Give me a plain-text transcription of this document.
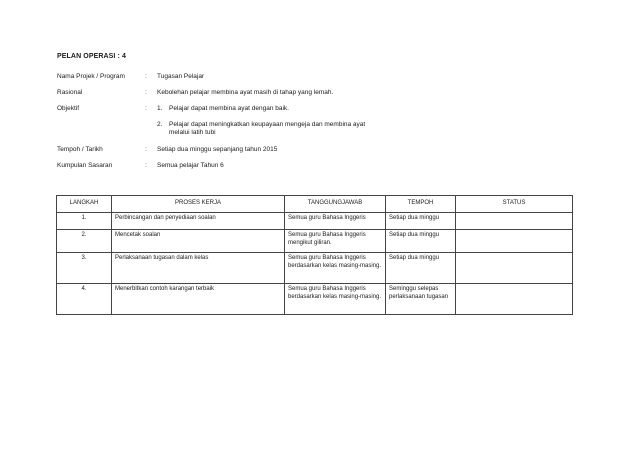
PELAN OPERASI : 4
Nama Projek / Program	: Tugasan Pelajar
Rasional	: Kebolehan pelajar membina ayat masih di tahap yang lemah.
Objektif	: 1. Pelajar dapat membina ayat dengan baik.
2. Pelajar dapat meningkatkan keupayaan mengeja dan membina ayat melalui latih tubi
Tempoh / Tarikh	: Setiap dua minggu sepanjang tahun 2015
Kumpulan Sasaran	: Semua pelajar Tahun 6
LANGKAH	PROSES KERJA	TANGGUNGJAWAB	TEMPOH	STATUS
1.	Perbincangan dan penyediaan soalan	Semua guru Bahasa Inggeris	Setiap dua minggu	
2.	Mencetak soalan	Semua guru Bahasa Inggeris mengikut giliran.	Setiap dua minggu	
3.	Perlaksanaan tugasan dalam kelas	Semua guru Bahasa Inggeris berdasarkan kelas masing-masing.	Setiap dua minggu	
4.	Menerbitkan contoh karangan terbaik	Semua guru Bahasa Inggeris berdasarkan kelas masing-masing.	Seminggu selepas perlaksanaan tugasan	
